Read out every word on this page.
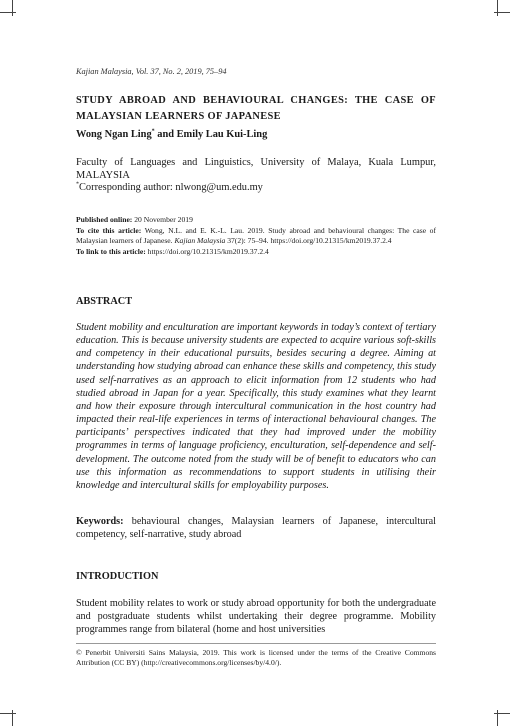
Kajian Malaysia, Vol. 37, No. 2, 2019, 75–94
STUDY ABROAD AND BEHAVIOURAL CHANGES: THE CASE OF MALAYSIAN LEARNERS OF JAPANESE
Wong Ngan Ling* and Emily Lau Kui-Ling
Faculty of Languages and Linguistics, University of Malaya, Kuala Lumpur, MALAYSIA
*Corresponding author: nlwong@um.edu.my
Published online: 20 November 2019
To cite this article: Wong, N.L. and E. K.-L. Lau. 2019. Study abroad and behavioural changes: The case of Malaysian learners of Japanese. Kajian Malaysia 37(2): 75–94. https://doi.org/10.21315/km2019.37.2.4
To link to this article: https://doi.org/10.21315/km2019.37.2.4
ABSTRACT
Student mobility and enculturation are important keywords in today’s context of tertiary education. This is because university students are expected to acquire various soft-skills and competency in their educational pursuits, besides securing a degree. Aiming at understanding how studying abroad can enhance these skills and competency, this study used self-narratives as an approach to elicit information from 12 students who had studied abroad in Japan for a year. Specifically, this study examines what they learnt and how their exposure through intercultural communication in the host country had impacted their real-life experiences in terms of interactional behavioural changes. The participants’ perspectives indicated that they had improved under the mobility programmes in terms of language proficiency, enculturation, self-dependence and self-development. The outcome noted from the study will be of benefit to educators who can use this information as recommendations to support students in utilising their knowledge and intercultural skills for employability purposes.
Keywords: behavioural changes, Malaysian learners of Japanese, intercultural competency, self-narrative, study abroad
INTRODUCTION
Student mobility relates to work or study abroad opportunity for both the undergraduate and postgraduate students whilst undertaking their degree programme. Mobility programmes range from bilateral (home and host universities
© Penerbit Universiti Sains Malaysia, 2019. This work is licensed under the terms of the Creative Commons Attribution (CC BY) (http://creativecommons.org/licenses/by/4.0/).
